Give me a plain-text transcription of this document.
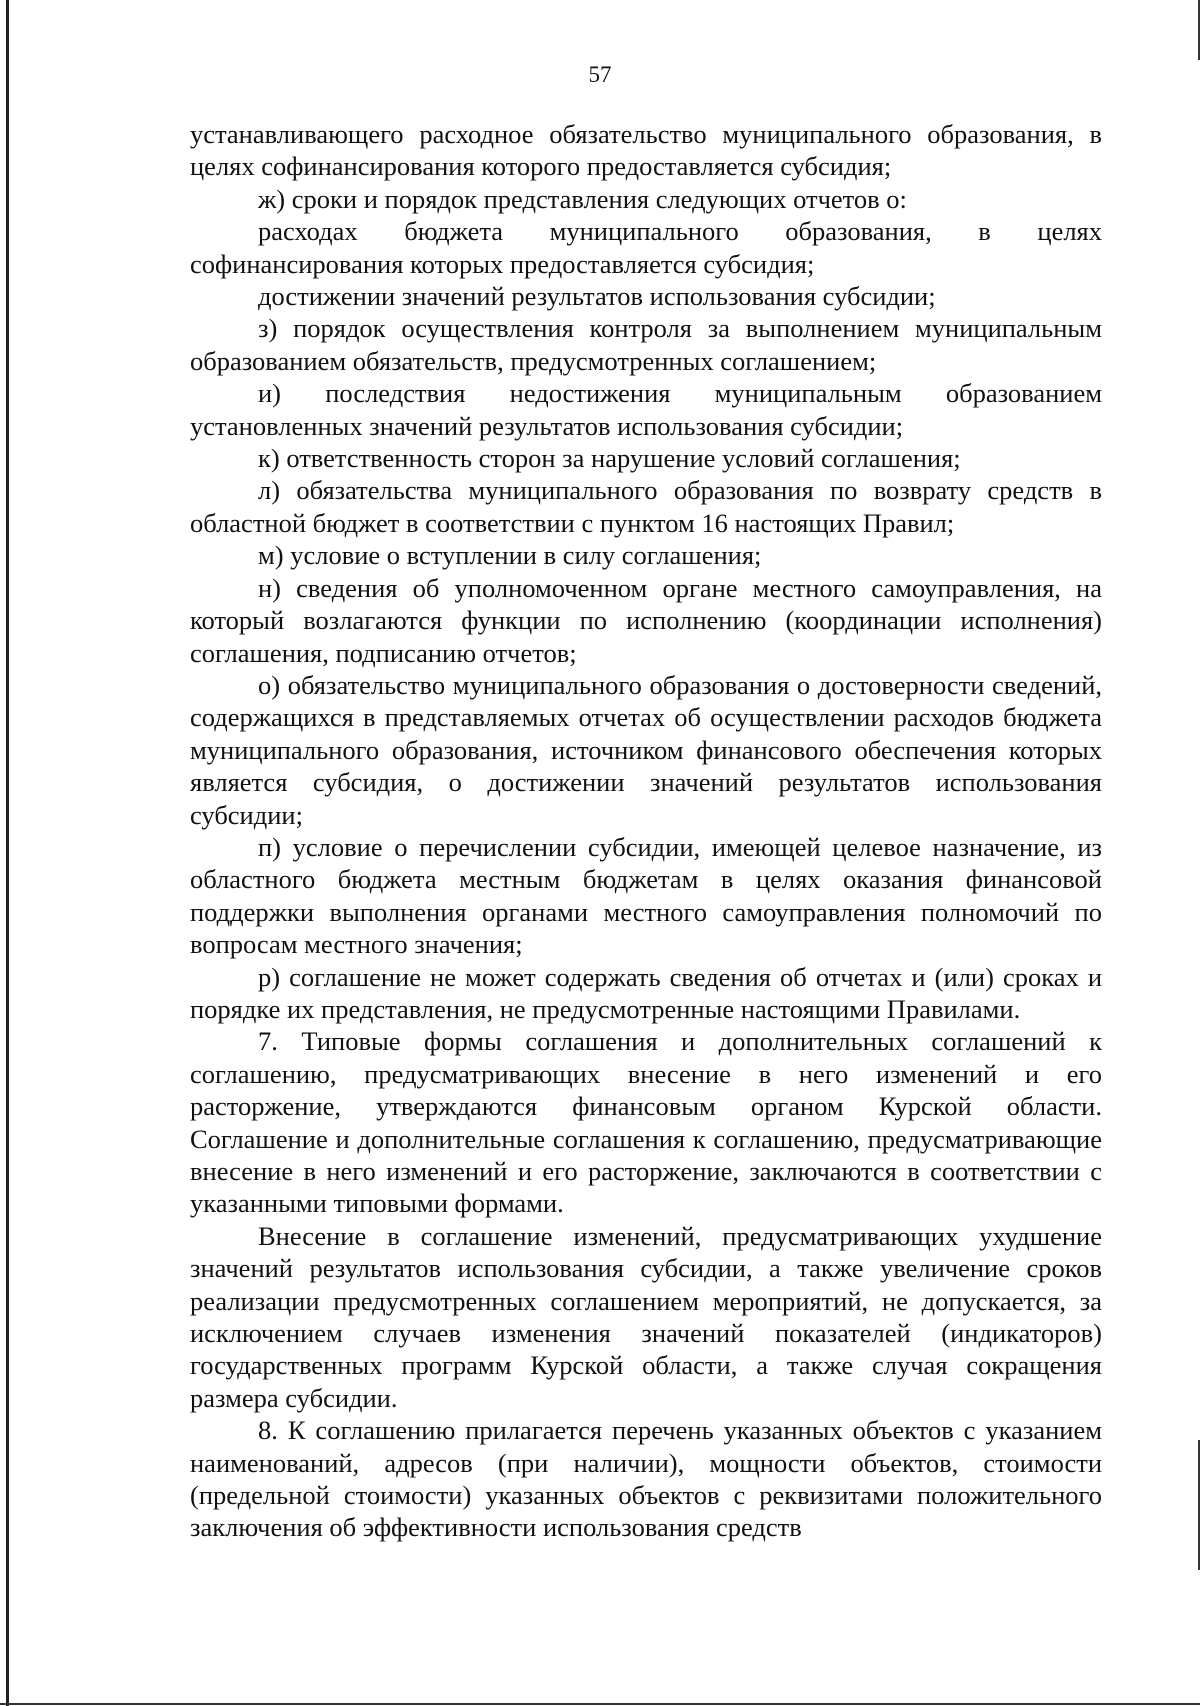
57

устанавливающего расходное обязательство муниципального образования, в целях софинансирования которого предоставляется субсидия;

ж) сроки и порядок представления следующих отчетов о:

расходах бюджета муниципального образования, в целях софинансирования которых предоставляется субсидия;

достижении значений результатов использования субсидии;

з) порядок осуществления контроля за выполнением муниципальным образованием обязательств, предусмотренных соглашением;

и) последствия недостижения муниципальным образованием установленных значений результатов использования субсидии;

к) ответственность сторон за нарушение условий соглашения;

л) обязательства муниципального образования по возврату средств в областной бюджет в соответствии с пунктом 16 настоящих Правил;

м) условие о вступлении в силу соглашения;

н) сведения об уполномоченном органе местного самоуправления, на который возлагаются функции по исполнению (координации исполнения) соглашения, подписанию отчетов;

о) обязательство муниципального образования о достоверности сведений, содержащихся в представляемых отчетах об осуществлении расходов бюджета муниципального образования, источником финансового обеспечения которых является субсидия, о достижении значений результатов использования субсидии;

п) условие о перечислении субсидии, имеющей целевое назначение, из областного бюджета местным бюджетам в целях оказания финансовой поддержки выполнения органами местного самоуправления полномочий по вопросам местного значения;

р) соглашение не может содержать сведения об отчетах и (или) сроках и порядке их представления, не предусмотренные настоящими Правилами.

7. Типовые формы соглашения и дополнительных соглашений к соглашению, предусматривающих внесение в него изменений и его расторжение, утверждаются финансовым органом Курской области. Соглашение и дополнительные соглашения к соглашению, предусматривающие внесение в него изменений и его расторжение, заключаются в соответствии с указанными типовыми формами.

Внесение в соглашение изменений, предусматривающих ухудшение значений результатов использования субсидии, а также увеличение сроков реализации предусмотренных соглашением мероприятий, не допускается, за исключением случаев изменения значений показателей (индикаторов) государственных программ Курской области, а также случая сокращения размера субсидии.

8. К соглашению прилагается перечень указанных объектов с указанием наименований, адресов (при наличии), мощности объектов, стоимости (предельной стоимости) указанных объектов с реквизитами положительного заключения об эффективности использования средств
